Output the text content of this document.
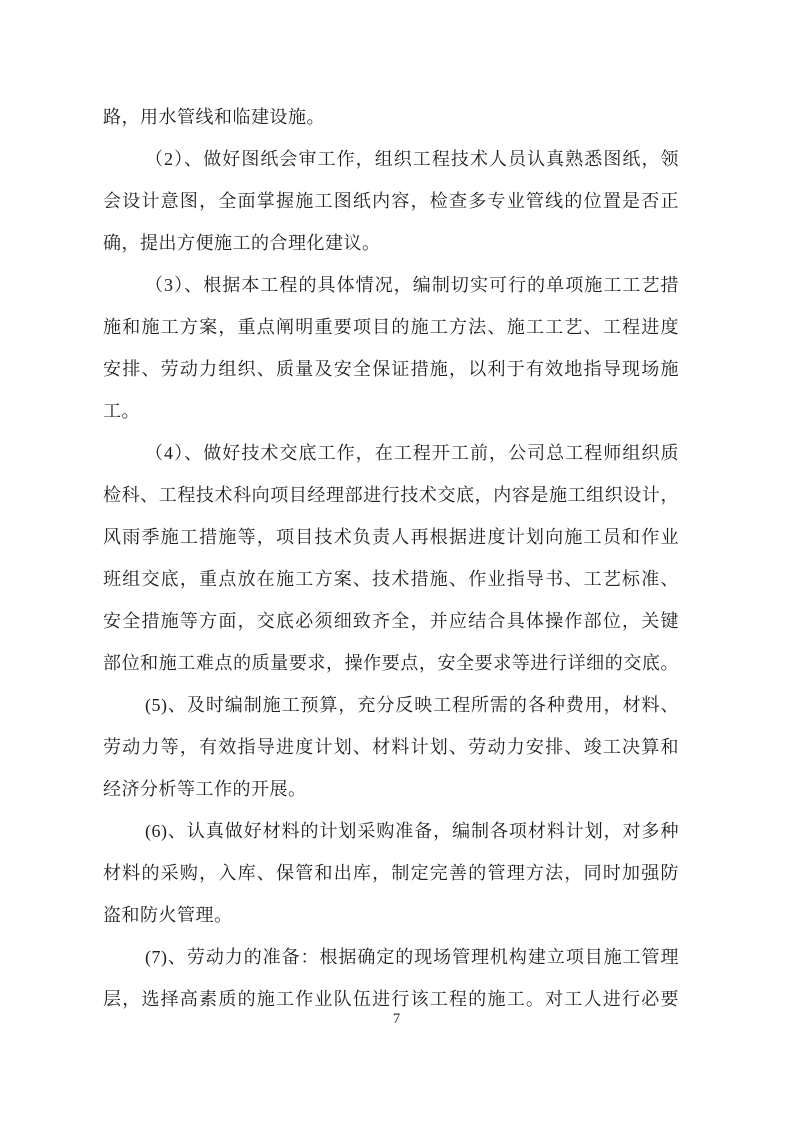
路，用水管线和临建设施。
（2）、做好图纸会审工作，组织工程技术人员认真熟悉图纸，领
会设计意图，全面掌握施工图纸内容，检查多专业管线的位置是否正
确，提出方便施工的合理化建议。
（3）、根据本工程的具体情况，编制切实可行的单项施工工艺措
施和施工方案，重点阐明重要项目的施工方法、施工工艺、工程进度
安排、劳动力组织、质量及安全保证措施，以利于有效地指导现场施
工。
（4）、做好技术交底工作，在工程开工前，公司总工程师组织质
检科、工程技术科向项目经理部进行技术交底，内容是施工组织设计，
风雨季施工措施等，项目技术负责人再根据进度计划向施工员和作业
班组交底，重点放在施工方案、技术措施、作业指导书、工艺标准、
安全措施等方面，交底必须细致齐全，并应结合具体操作部位，关键
部位和施工难点的质量要求，操作要点，安全要求等进行详细的交底。
(5)、及时编制施工预算，充分反映工程所需的各种费用，材料、
劳动力等，有效指导进度计划、材料计划、劳动力安排、竣工决算和
经济分析等工作的开展。
(6)、认真做好材料的计划采购准备，编制各项材料计划，对多种
材料的采购，入库、保管和出库，制定完善的管理方法，同时加强防
盗和防火管理。
(7)、劳动力的准备：根据确定的现场管理机构建立项目施工管理
层，选择高素质的施工作业队伍进行该工程的施工。对工人进行必要
7
